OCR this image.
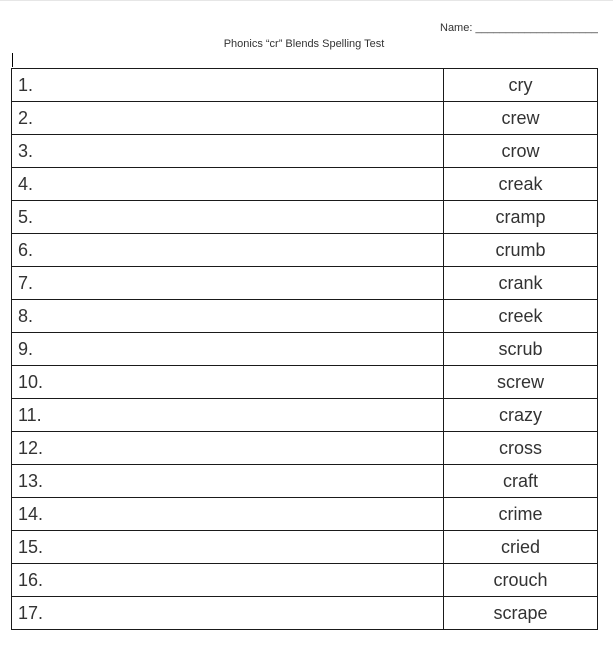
Name: ____________________
Phonics “cr” Blends Spelling Test
1.	cry
2.	crew
3.	crow
4.	creak
5.	cramp
6.	crumb
7.	crank
8.	creek
9.	scrub
10.	screw
11.	crazy
12.	cross
13.	craft
14.	crime
15.	cried
16.	crouch
17.	scrape
